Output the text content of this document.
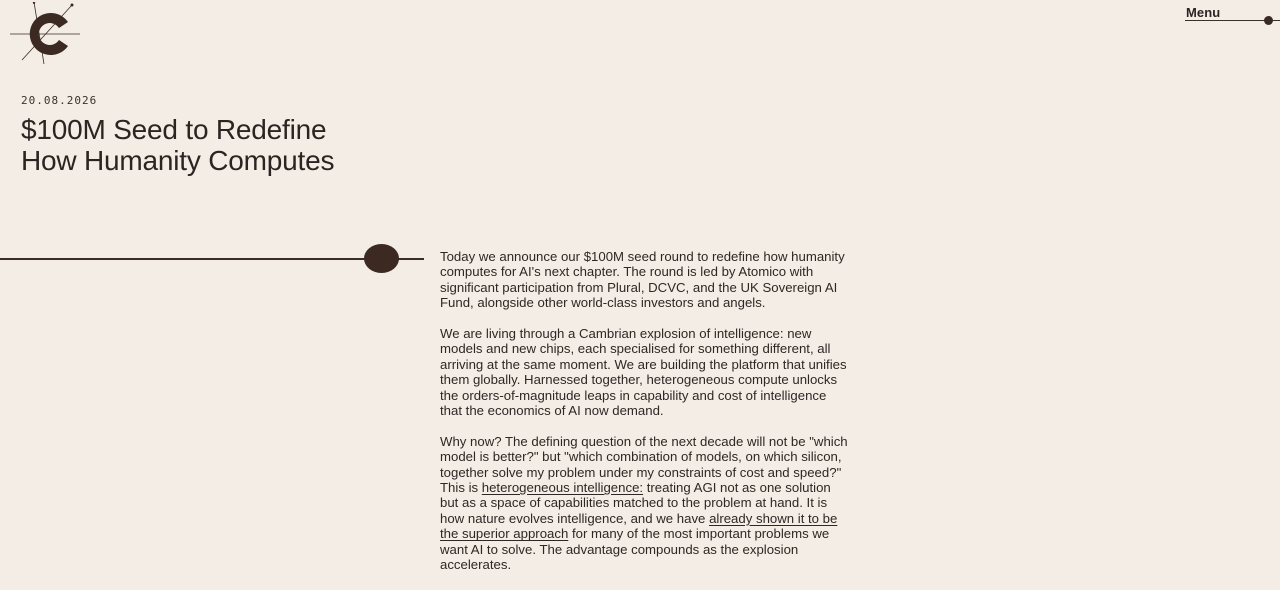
Menu
20.08.2026
$100M Seed to Redefine
How Humanity Computes

Today we announce our $100M seed round to redefine how humanity computes for AI's next chapter. The round is led by Atomico with significant participation from Plural, DCVC, and the UK Sovereign AI Fund, alongside other world-class investors and angels.

We are living through a Cambrian explosion of intelligence: new models and new chips, each specialised for something different, all arriving at the same moment. We are building the platform that unifies them globally. Harnessed together, heterogeneous compute unlocks the orders-of-magnitude leaps in capability and cost of intelligence that the economics of AI now demand.

Why now? The defining question of the next decade will not be "which model is better?" but "which combination of models, on which silicon, together solve my problem under my constraints of cost and speed?" This is heterogeneous intelligence: treating AGI not as one solution but as a space of capabilities matched to the problem at hand. It is how nature evolves intelligence, and we have already shown it to be the superior approach for many of the most important problems we want AI to solve. The advantage compounds as the explosion accelerates.
